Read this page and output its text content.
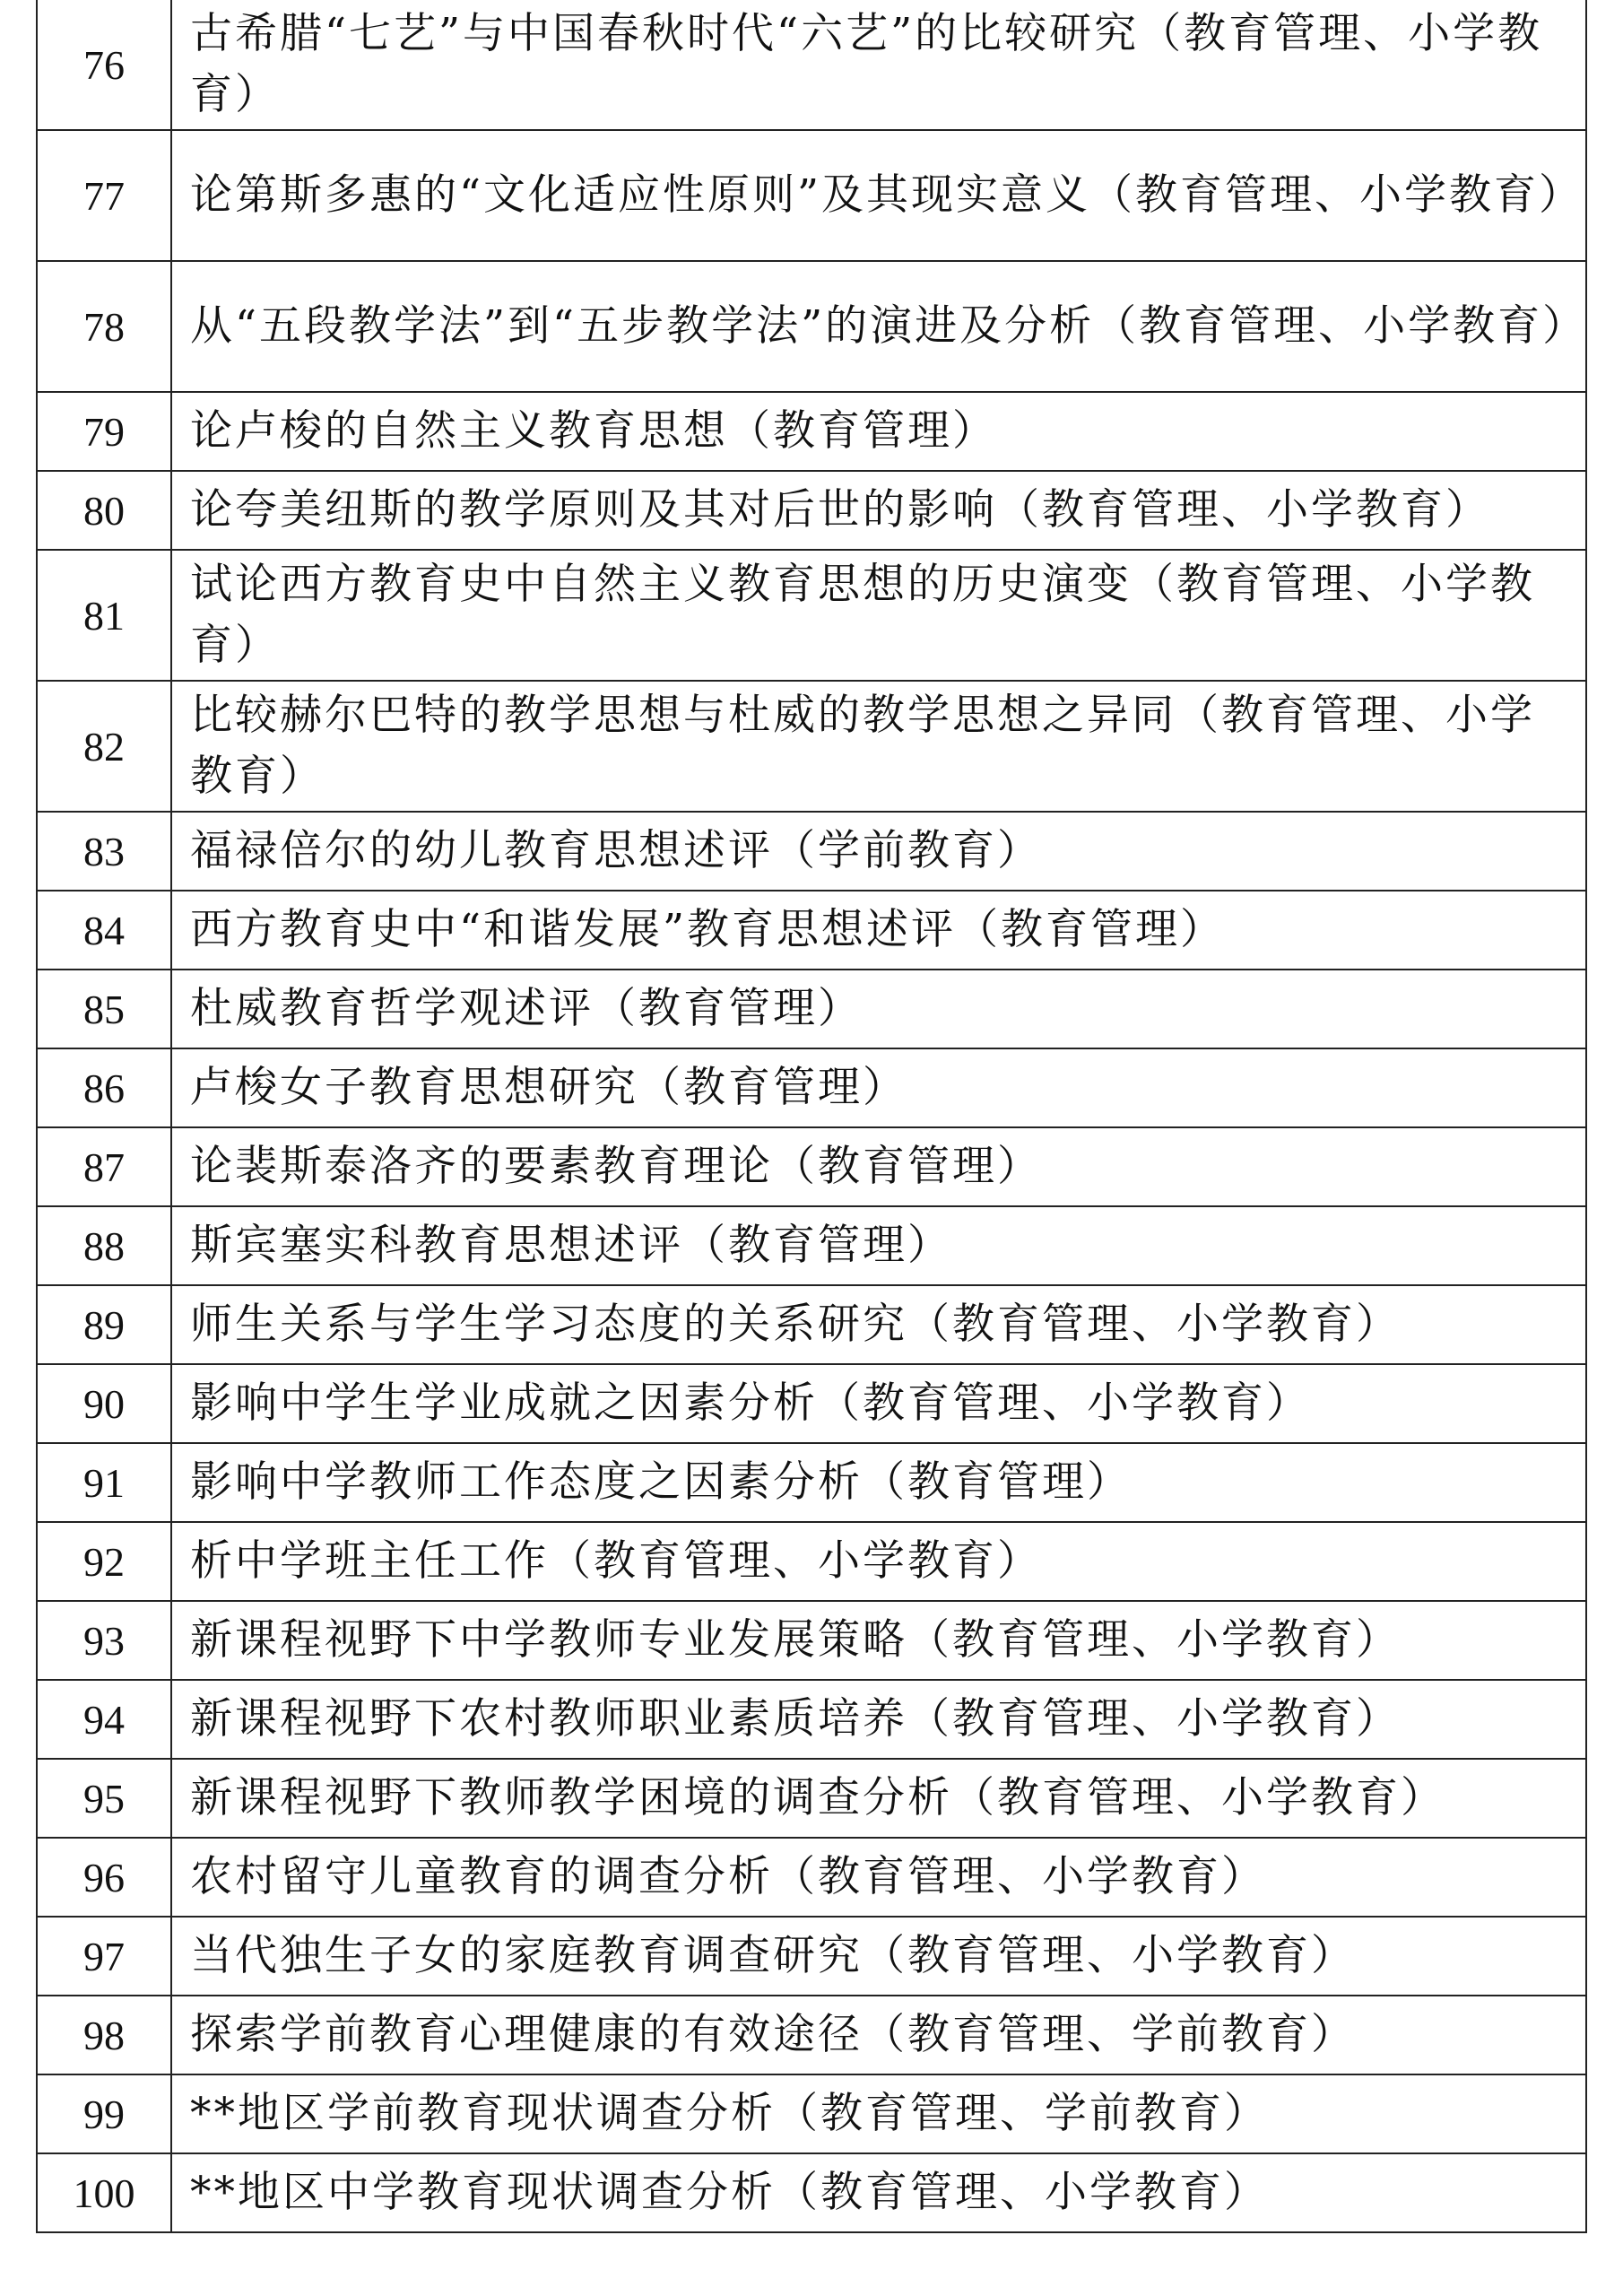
76	古希腊“七艺”与中国春秋时代“六艺”的比较研究（教育管理、小学教育）
77	论第斯多惠的“文化适应性原则”及其现实意义（教育管理、小学教育）
78	从“五段教学法”到“五步教学法”的演进及分析（教育管理、小学教育）
79	论卢梭的自然主义教育思想（教育管理）
80	论夸美纽斯的教学原则及其对后世的影响（教育管理、小学教育）
81	试论西方教育史中自然主义教育思想的历史演变（教育管理、小学教育）
82	比较赫尔巴特的教学思想与杜威的教学思想之异同（教育管理、小学教育）
83	福禄倍尔的幼儿教育思想述评（学前教育）
84	西方教育史中“和谐发展”教育思想述评（教育管理）
85	杜威教育哲学观述评（教育管理）
86	卢梭女子教育思想研究（教育管理）
87	论裴斯泰洛齐的要素教育理论（教育管理）
88	斯宾塞实科教育思想述评（教育管理）
89	师生关系与学生学习态度的关系研究（教育管理、小学教育）
90	影响中学生学业成就之因素分析（教育管理、小学教育）
91	影响中学教师工作态度之因素分析（教育管理）
92	析中学班主任工作（教育管理、小学教育）
93	新课程视野下中学教师专业发展策略（教育管理、小学教育）
94	新课程视野下农村教师职业素质培养（教育管理、小学教育）
95	新课程视野下教师教学困境的调查分析（教育管理、小学教育）
96	农村留守儿童教育的调查分析（教育管理、小学教育）
97	当代独生子女的家庭教育调查研究（教育管理、小学教育）
98	探索学前教育心理健康的有效途径（教育管理、学前教育）
99	**地区学前教育现状调查分析（教育管理、学前教育）
100	**地区中学教育现状调查分析（教育管理、小学教育）
